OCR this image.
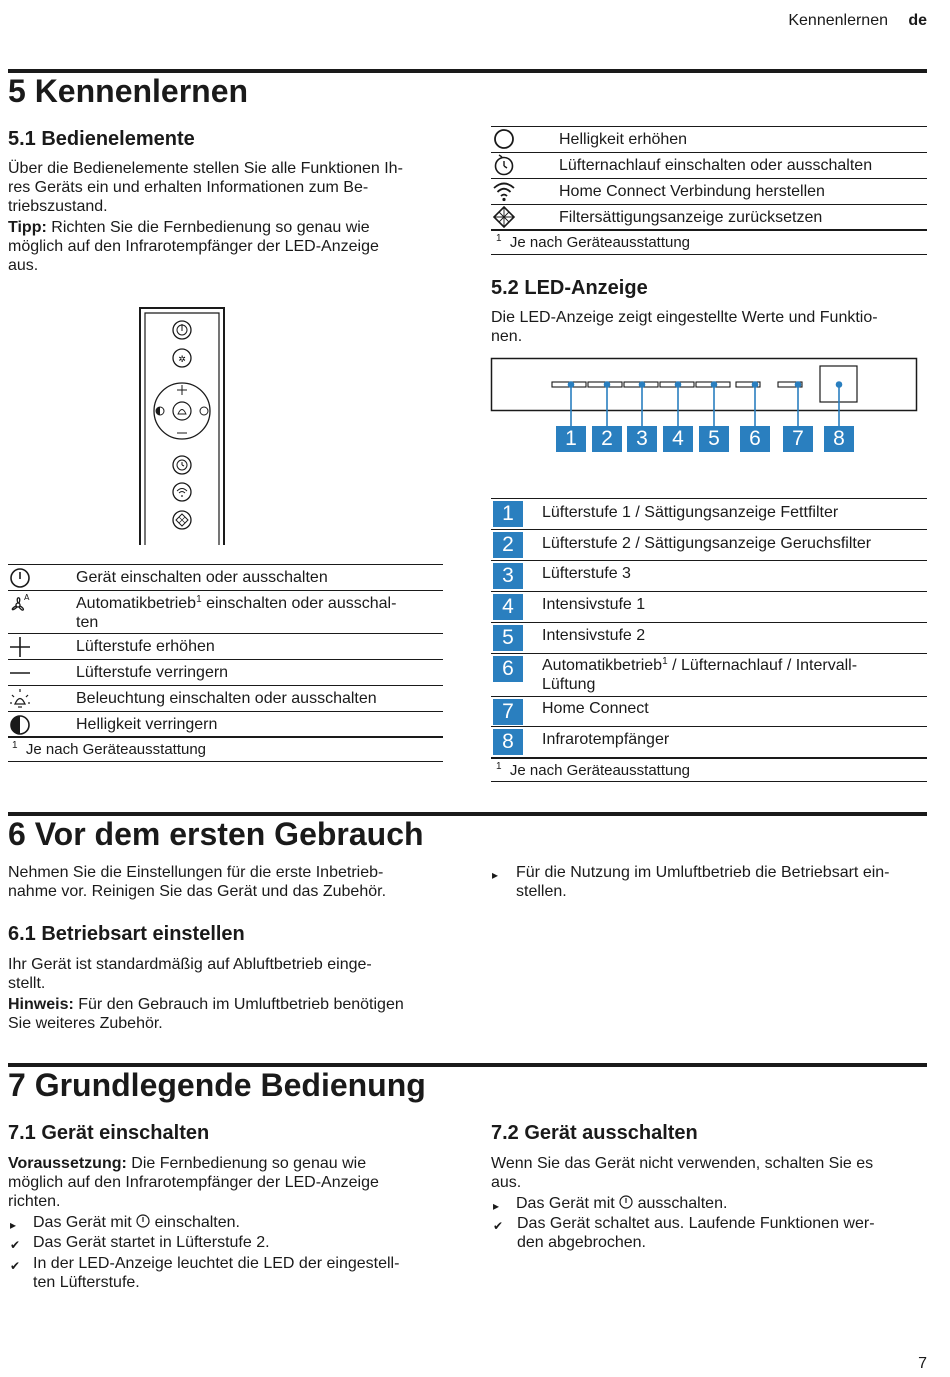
Kennenlernen de
5 Kennenlernen
5.1 Bedienelemente
Über die Bedienelemente stellen Sie alle Funktionen Ih-
res Geräts ein und erhalten Informationen zum Be-
triebszustand.
Tipp: Richten Sie die Fernbedienung so genau wie
möglich auf den Infrarotempfänger der LED-Anzeige
aus.
✲
Gerät einschalten oder ausschalten
A	Automatikbetrieb$^1$ einschalten oder ausschal-
ten
Lüfterstufe erhöhen
Lüfterstufe verringern
Beleuchtung einschalten oder ausschalten
Helligkeit verringern
$^1$ Je nach Geräteausstattung
Helligkeit erhöhen
Lüfternachlauf einschalten oder ausschalten
Home Connect Verbindung herstellen
Filtersättigungsanzeige zurücksetzen
$^1$ Je nach Geräteausstattung
5.2 LED-Anzeige
Die LED-Anzeige zeigt eingestellte Werte und Funktio-
nen.
1	2	3	4	5	6	7	8
1	Lüfterstufe 1 / Sättigungsanzeige Fettfilter
2	Lüfterstufe 2 / Sättigungsanzeige Geruchsfilter
3	Lüfterstufe 3
4	Intensivstufe 1
5	Intensivstufe 2
6	Automatikbetrieb$^1$ / Lüfternachlauf / Intervall-
Lüftung
7	Home Connect
8	Infrarotempfänger
$^1$ Je nach Geräteausstattung
6 Vor dem ersten Gebrauch
Nehmen Sie die Einstellungen für die erste Inbetrieb-
nahme vor. Reinigen Sie das Gerät und das Zubehör.
6.1 Betriebsart einstellen
Ihr Gerät ist standardmäßig auf Abluftbetrieb einge-
stellt.
Hinweis: Für den Gebrauch im Umluftbetrieb benötigen
Sie weiteres Zubehör.
▸ Für die Nutzung im Umluftbetrieb die Betriebsart ein-
stellen.
7 Grundlegende Bedienung
7.1 Gerät einschalten
Voraussetzung: Die Fernbedienung so genau wie
möglich auf den Infrarotempfänger der LED-Anzeige
richten.
▸ Das Gerät mit  einschalten.
✔ Das Gerät startet in Lüfterstufe 2.
✔ In der LED-Anzeige leuchtet die LED der eingestell-
ten Lüfterstufe.
7.2 Gerät ausschalten
Wenn Sie das Gerät nicht verwenden, schalten Sie es
aus.
▸ Das Gerät mit  ausschalten.
✔ Das Gerät schaltet aus. Laufende Funktionen wer-
den abgebrochen.
7
